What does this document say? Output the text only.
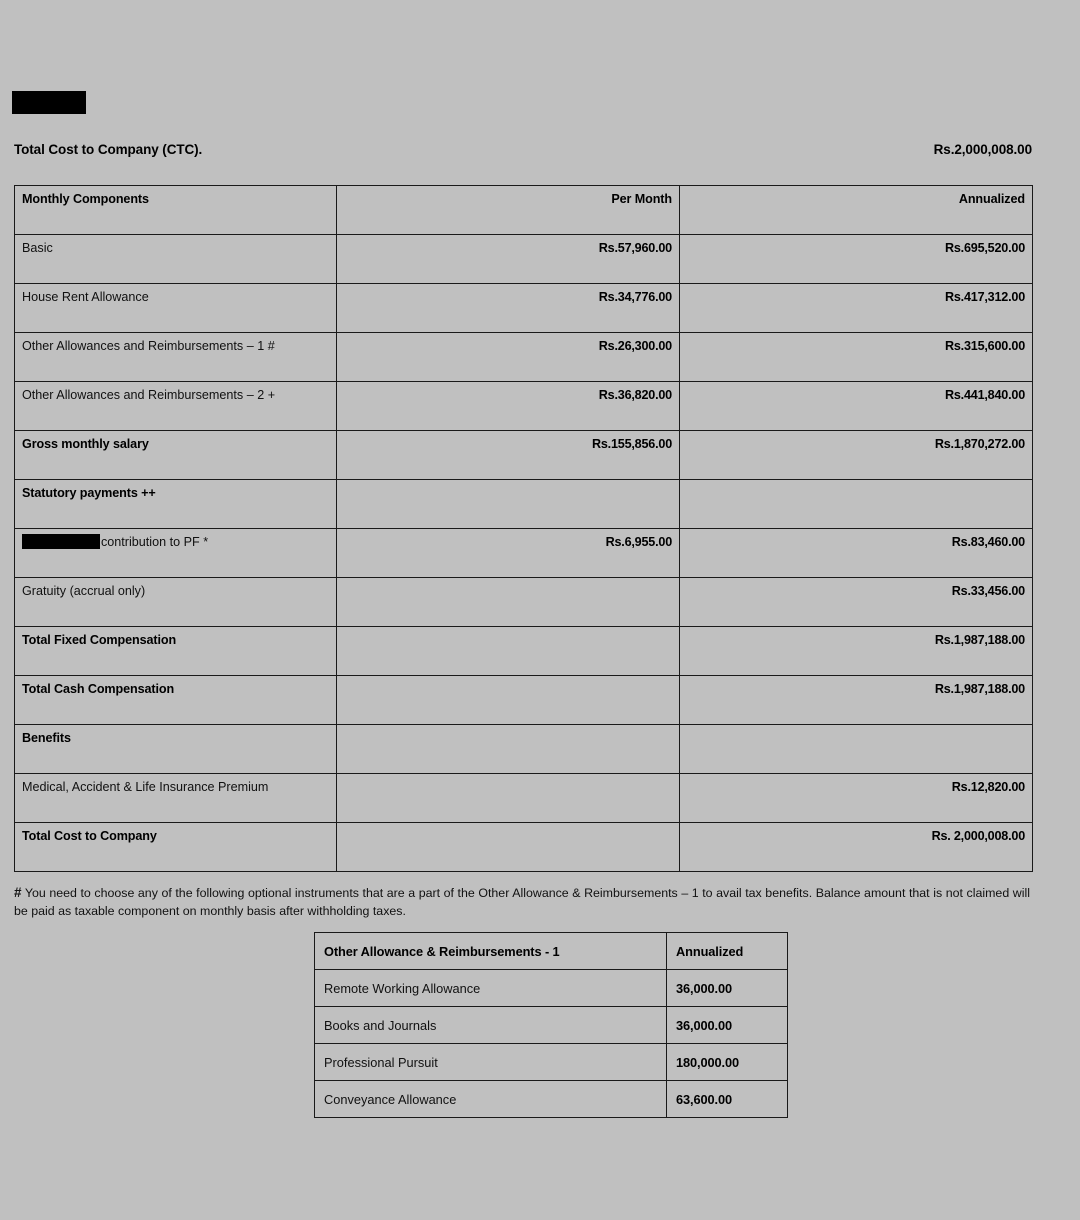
Total Cost to Company (CTC).	Rs.2,000,008.00
Monthly Components	Per Month	Annualized
Basic	Rs.57,960.00	Rs.695,520.00
House Rent Allowance	Rs.34,776.00	Rs.417,312.00
Other Allowances and Reimbursements – 1 #	Rs.26,300.00	Rs.315,600.00
Other Allowances and Reimbursements – 2 +	Rs.36,820.00	Rs.441,840.00
Gross monthly salary	Rs.155,856.00	Rs.1,870,272.00
Statutory payments ++		
contribution to PF *	Rs.6,955.00	Rs.83,460.00
Gratuity (accrual only)		Rs.33,456.00
Total Fixed Compensation		Rs.1,987,188.00
Total Cash Compensation		Rs.1,987,188.00
Benefits		
Medical, Accident & Life Insurance Premium		Rs.12,820.00
Total Cost to Company		Rs. 2,000,008.00
# You need to choose any of the following optional instruments that are a part of the Other Allowance & Reimbursements – 1 to avail tax benefits. Balance amount that is not claimed will be paid as taxable component on monthly basis after withholding taxes.
Other Allowance & Reimbursements - 1	Annualized
Remote Working Allowance	36,000.00
Books and Journals	36,000.00
Professional Pursuit	180,000.00
Conveyance Allowance	63,600.00
